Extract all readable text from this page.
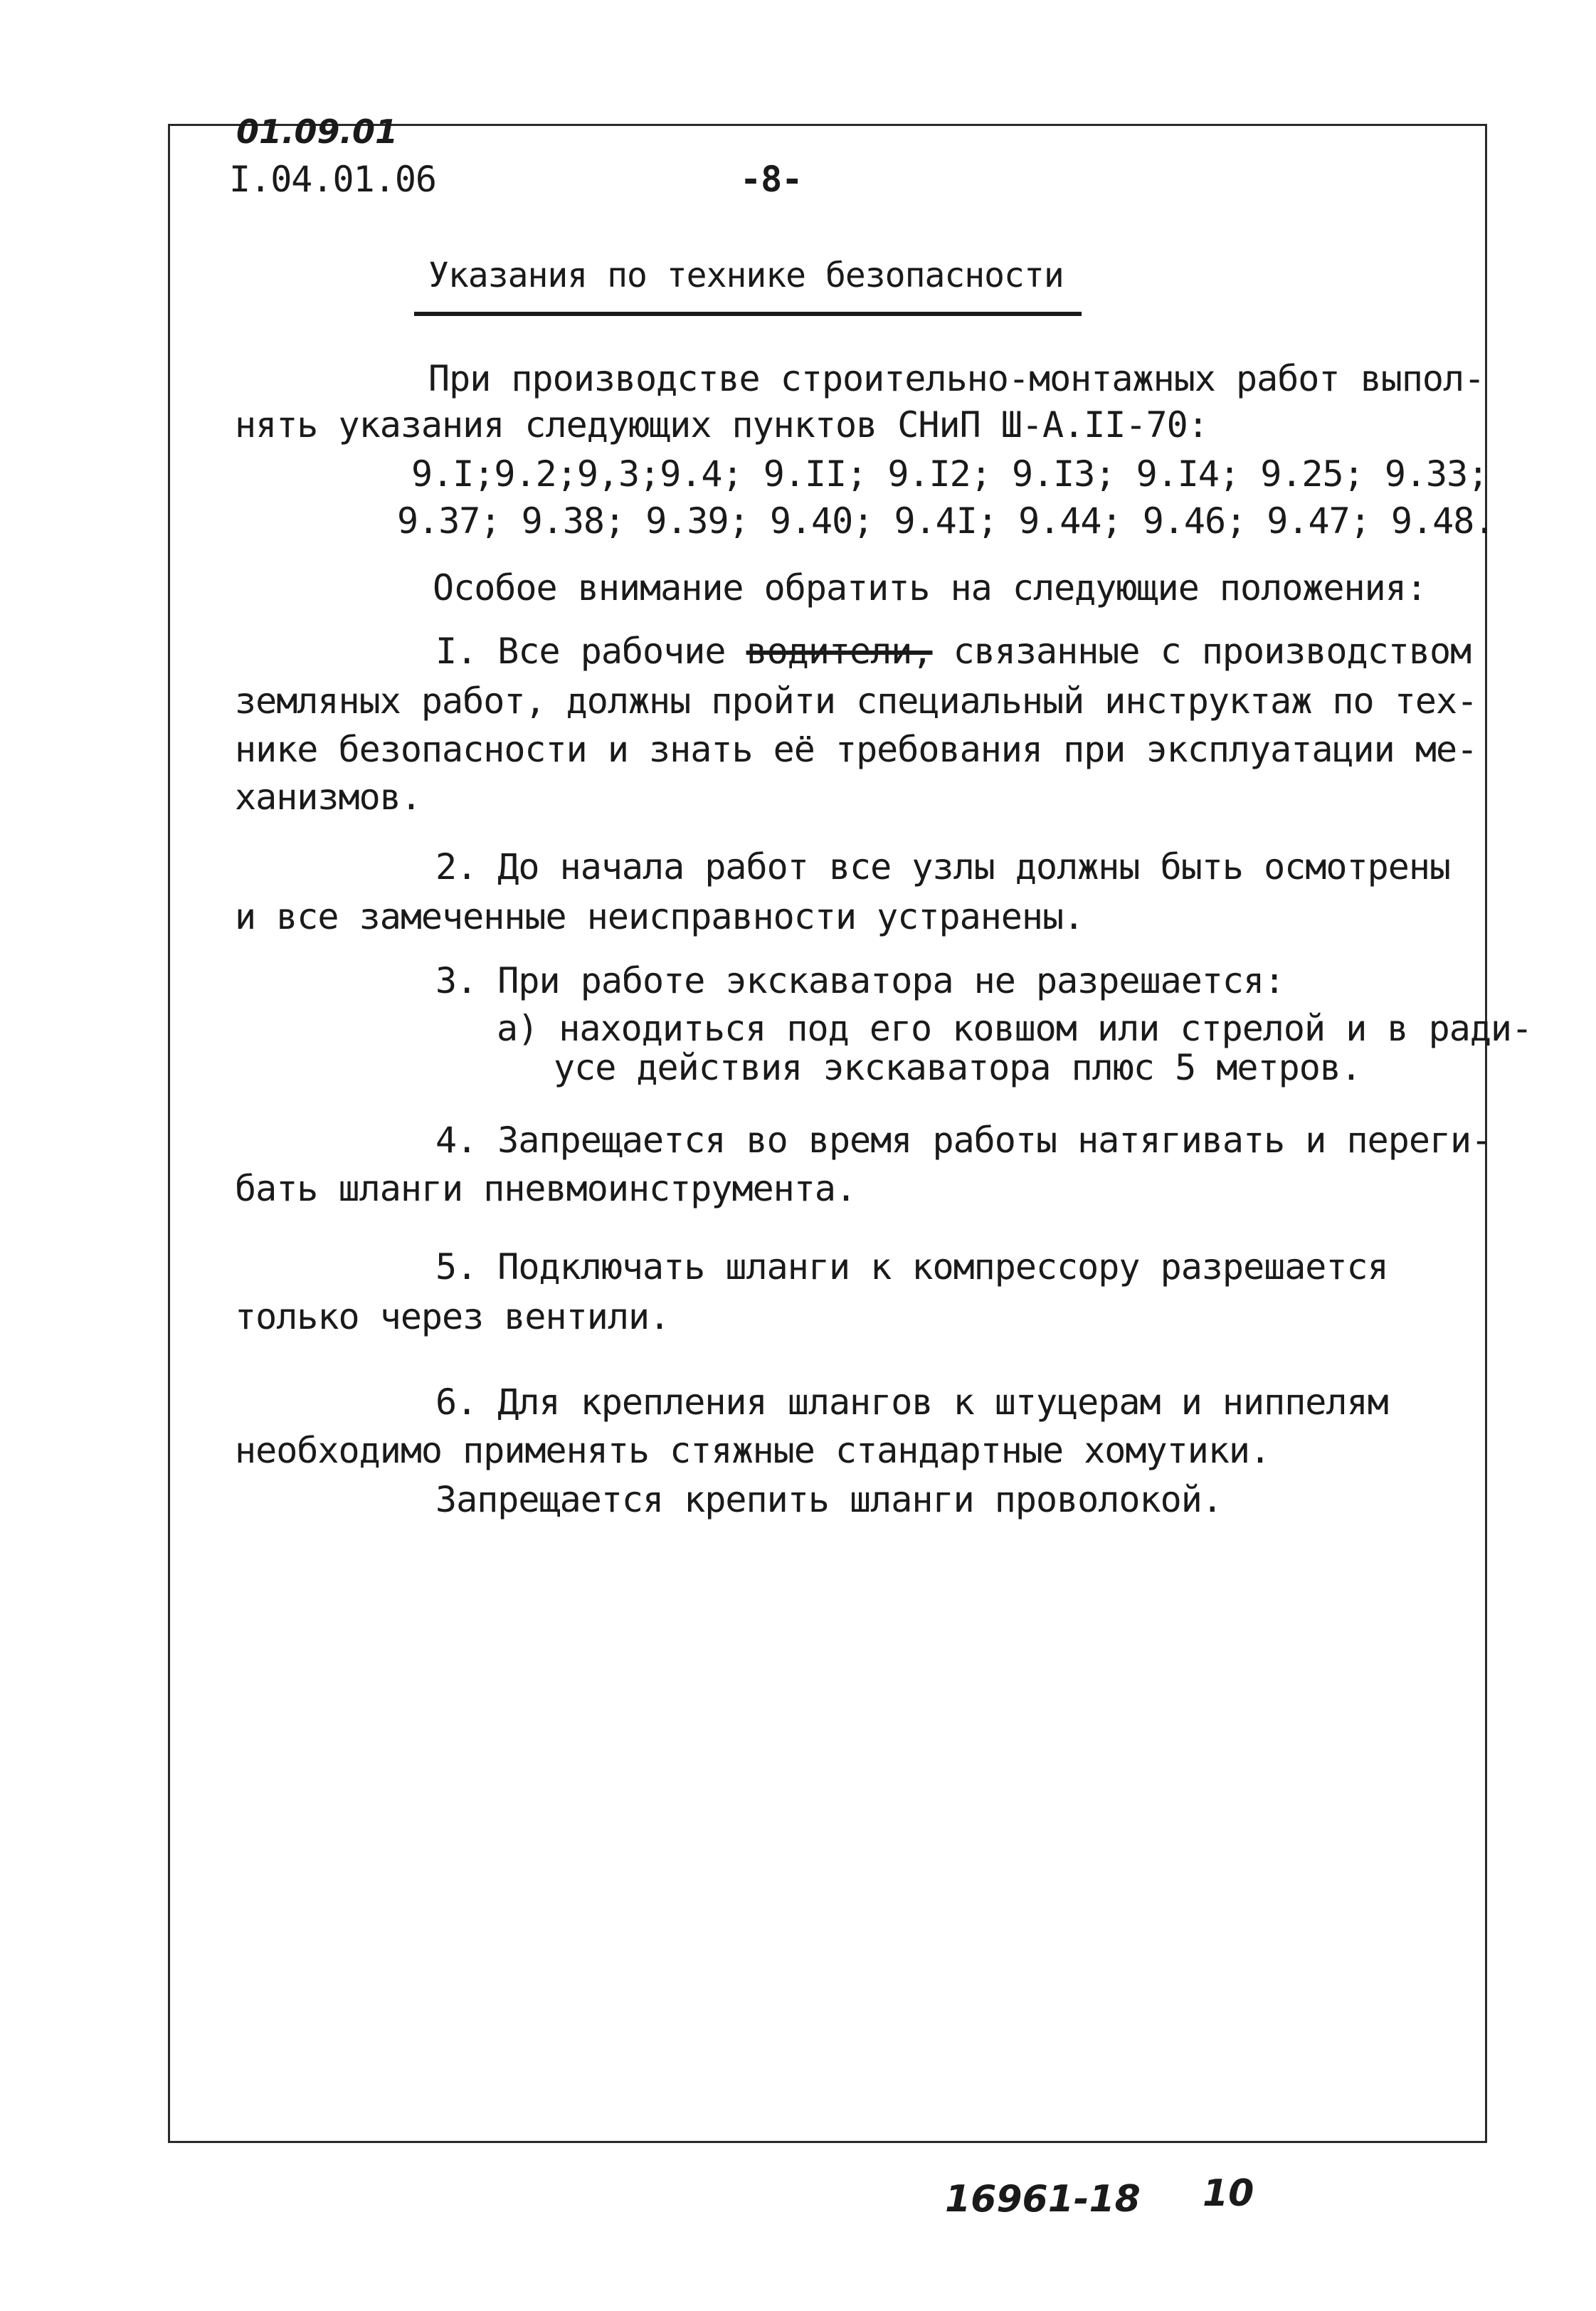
01.09.01
I.04.01.06	-8-
Указания по технике безопасности
При производстве строительно-монтажных работ выпол-
нять указания следующих пунктов СНиП Ш-А.II-70:
9.I;9.2;9,3;9.4; 9.II; 9.I2; 9.I3; 9.I4; 9.25; 9.33;
9.37; 9.38; 9.39; 9.40; 9.4I; 9.44; 9.46; 9.47; 9.48.
Особое внимание обратить на следующие положения:
I. Все рабочие водители, связанные с производством
земляных работ, должны пройти специальный инструктаж по тех-
нике безопасности и знать её требования при эксплуатации ме-
ханизмов.
2. До начала работ все узлы должны быть осмотрены
и все замеченные неисправности устранены.
3. При работе экскаватора не разрешается:
а) находиться под его ковшом или стрелой и в ради-
усе действия экскаватора плюс 5 метров.
4. Запрещается во время работы натягивать и переги-
бать шланги пневмоинструмента.
5. Подключать шланги к компрессору разрешается
только через вентили.
6. Для крепления шлангов к штуцерам и ниппелям
необходимо применять стяжные стандартные хомутики.
Запрещается крепить шланги проволокой.
16961-18 10
